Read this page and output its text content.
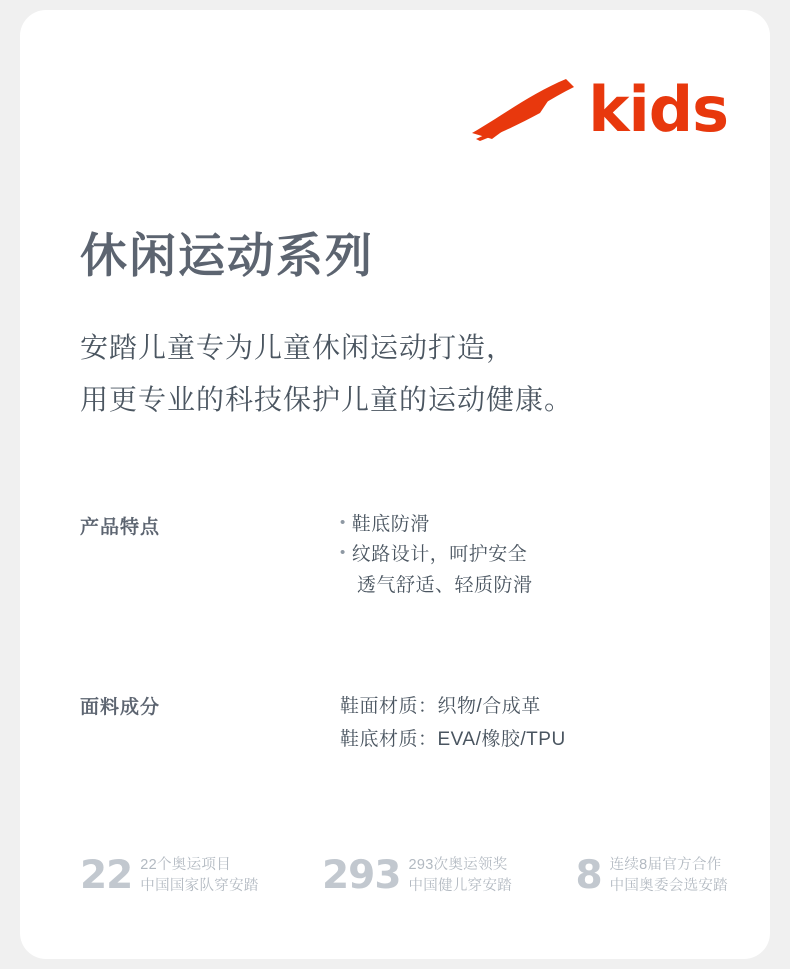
kids
休闲运动系列
安踏儿童专为儿童休闲运动打造，
用更专业的科技保护儿童的运动健康。
产品特点	• 鞋底防滑
• 纹路设计，呵护安全
透气舒适、轻质防滑
面料成分	鞋面材质：织物/合成革
鞋底材质：EVA/橡胶/TPU
22 22个奥运项目
中国国家队穿安踏 293 293次奥运领奖
中国健儿穿安踏 8 连续8届官方合作
中国奥委会选安踏
